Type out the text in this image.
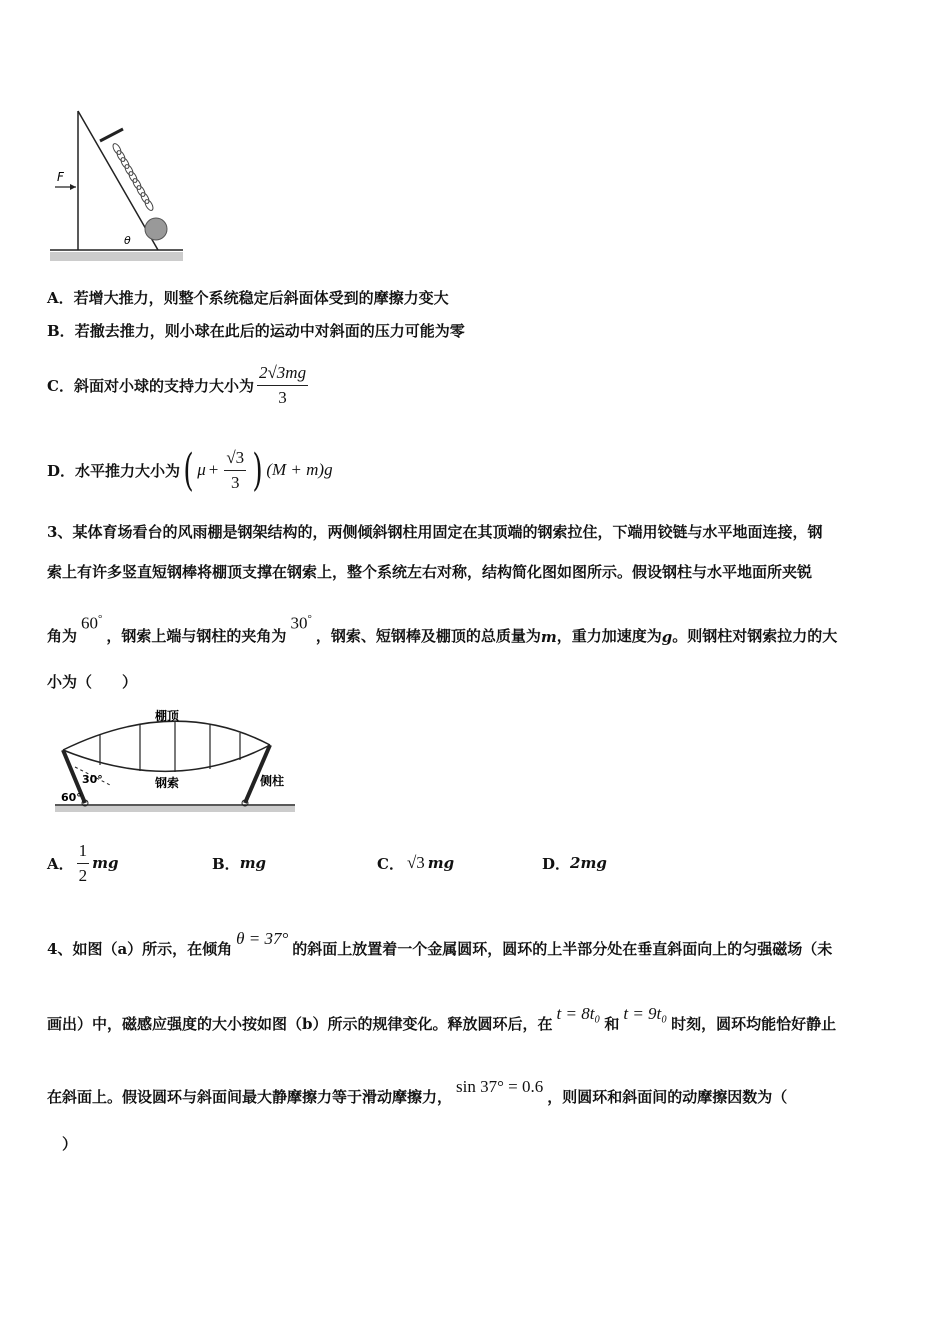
F
θ
A．若增大推力，则整个系统稳定后斜面体受到的摩擦力变大
B．若撤去推力，则小球在此后的运动中对斜面的压力可能为零
C． 斜面对小球的支持力大小为 $\frac{2√3mg}{3}$
D． 水平推力大小为 ( $\mu + \frac{√3}{3}$ ) (M + m)g
3、某体育场看台的风雨棚是钢架结构的，两侧倾斜钢柱用固定在其顶端的钢索拉住，下端用铰链与水平地面连接，钢
索上有许多竖直短钢棒将棚顶支撑在钢索上，整个系统左右对称，结构简化图如图所示。假设钢柱与水平地面所夹锐
角为
60°
，钢索上端与钢柱的夹角为
30°
，钢索、短钢棒及棚顶的总质量为 m ，重力加速度为 g 。则钢柱对钢索拉力的大
小为（　　）
棚顶
钢索	侧柱
30°
60°
A． $\frac{1}{2}$ mg	B． mg	C． √3 mg	D． 2mg
4、 如图（a）所示，在倾角
θ = 37°
的斜面上放置着一个金属圆环，圆环的上半部分处在垂直斜面向上的匀强磁场（未
画出）中，磁感应强度的大小按如图（b）所示的规律变化。释放圆环后，在
t = 8t₀
和
t = 9t₀
时刻，圆环均能恰好静止
在斜面上。假设圆环与斜面间最大静摩擦力等于滑动摩擦力，
sin 37° = 0.6
，则圆环和斜面间的动摩擦因数为（
）
